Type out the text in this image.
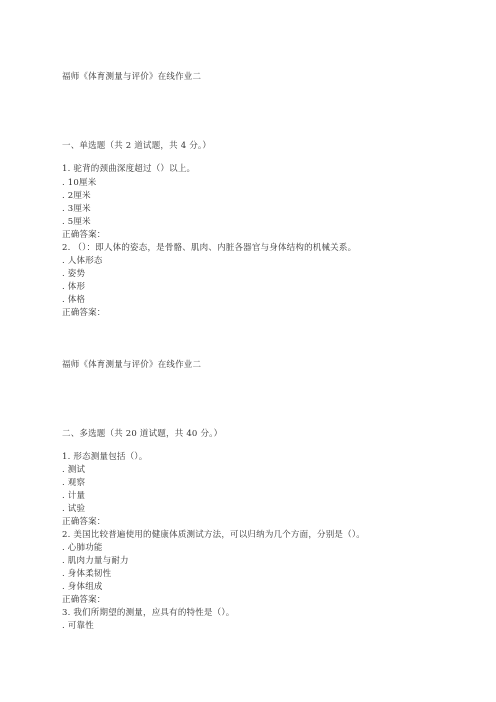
福师《体育测量与评价》在线作业二
一、单选题（共 2 道试题，共 4 分。）
1. 驼背的颈曲深度超过（）以上。
. 10厘米
. 2厘米
. 3厘米
. 5厘米
正确答案：
2. （）：即人体的姿态，是骨骼、肌肉、内脏各器官与身体结构的机械关系。
. 人体形态
. 姿势
. 体形
. 体格
正确答案：
福师《体育测量与评价》在线作业二
二、多选题（共 20 道试题，共 40 分。）
1. 形态测量包括（）。
. 测试
. 观察
. 计量
. 试验
正确答案：
2. 美国比较普遍使用的健康体质测试方法，可以归纳为几个方面，分别是（）。
. 心肺功能
. 肌肉力量与耐力
. 身体柔韧性
. 身体组成
正确答案：
3. 我们所期望的测量，应具有的特性是（）。
. 可靠性
